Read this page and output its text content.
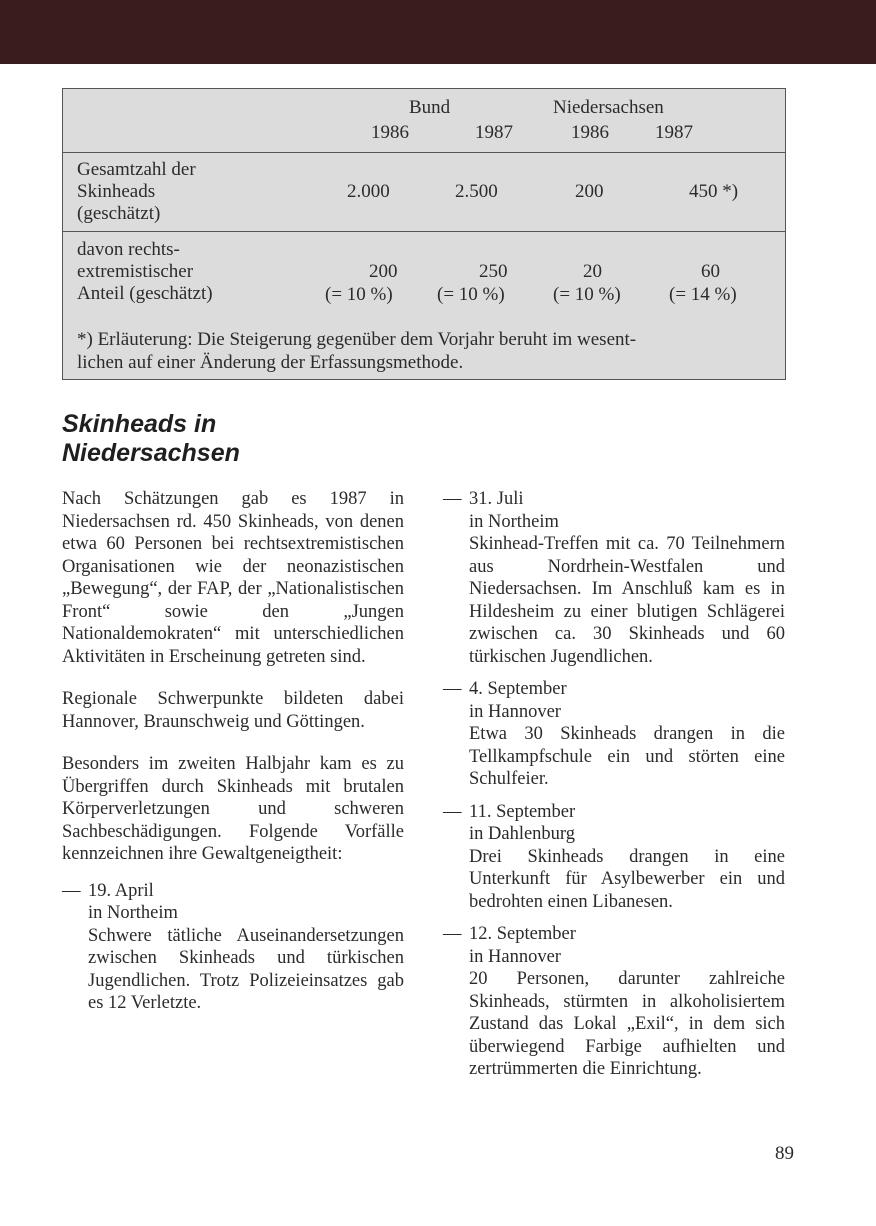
Bund	Niedersachsen
1986	1987	1986 1987
Gesamtzahl der
Skinheads
(geschätzt)
2.000	2.500	200	450 *)
davon rechts-
extremistischer
Anteil (geschätzt)
200	250	20	60
(= 10 %) (= 10 %)	(= 10 %)	(= 14 %)
*) Erläuterung: Die Steigerung gegenüber dem Vorjahr beruht im wesent-
lichen auf einer Änderung der Erfassungsmethode.
Skinheads in
Niedersachsen

Nach Schätzungen gab es 1987 in Niedersachsen rd. 450 Skinheads, von denen etwa 60 Personen bei rechtsextremistischen Organisationen wie der neonazistischen „Bewegung“, der FAP, der „Nationalistischen Front“ sowie den „Jungen Nationaldemokraten“ mit unterschiedlichen Aktivitäten in Erscheinung getreten sind.

Regionale Schwerpunkte bildeten dabei Hannover, Braunschweig und Göttingen.

Besonders im zweiten Halbjahr kam es zu Übergriffen durch Skinheads mit brutalen Körperverletzungen und schweren Sachbeschädigungen. Folgende Vorfälle kennzeichnen ihre Gewaltgeneigtheit:

— 19. April
in Northeim
Schwere tätliche Auseinandersetzungen zwischen Skinheads und türkischen Jugendlichen. Trotz Polizeieinsatzes gab es 12 Verletzte.
— 31. Juli
in Northeim
Skinhead-Treffen mit ca. 70 Teilnehmern aus Nordrhein-Westfalen und Niedersachsen. Im Anschluß kam es in Hildesheim zu einer blutigen Schlägerei zwischen ca. 30 Skinheads und 60 türkischen Jugendlichen.
— 4. September
in Hannover
Etwa 30 Skinheads drangen in die Tellkampfschule ein und störten eine Schulfeier.
— 11. September
in Dahlenburg
Drei Skinheads drangen in eine Unterkunft für Asylbewerber ein und bedrohten einen Libanesen.
— 12. September
in Hannover
20 Personen, darunter zahlreiche Skinheads, stürmten in alkoholisiertem Zustand das Lokal „Exil“, in dem sich überwiegend Farbige aufhielten und zertrümmerten die Einrichtung.
89
